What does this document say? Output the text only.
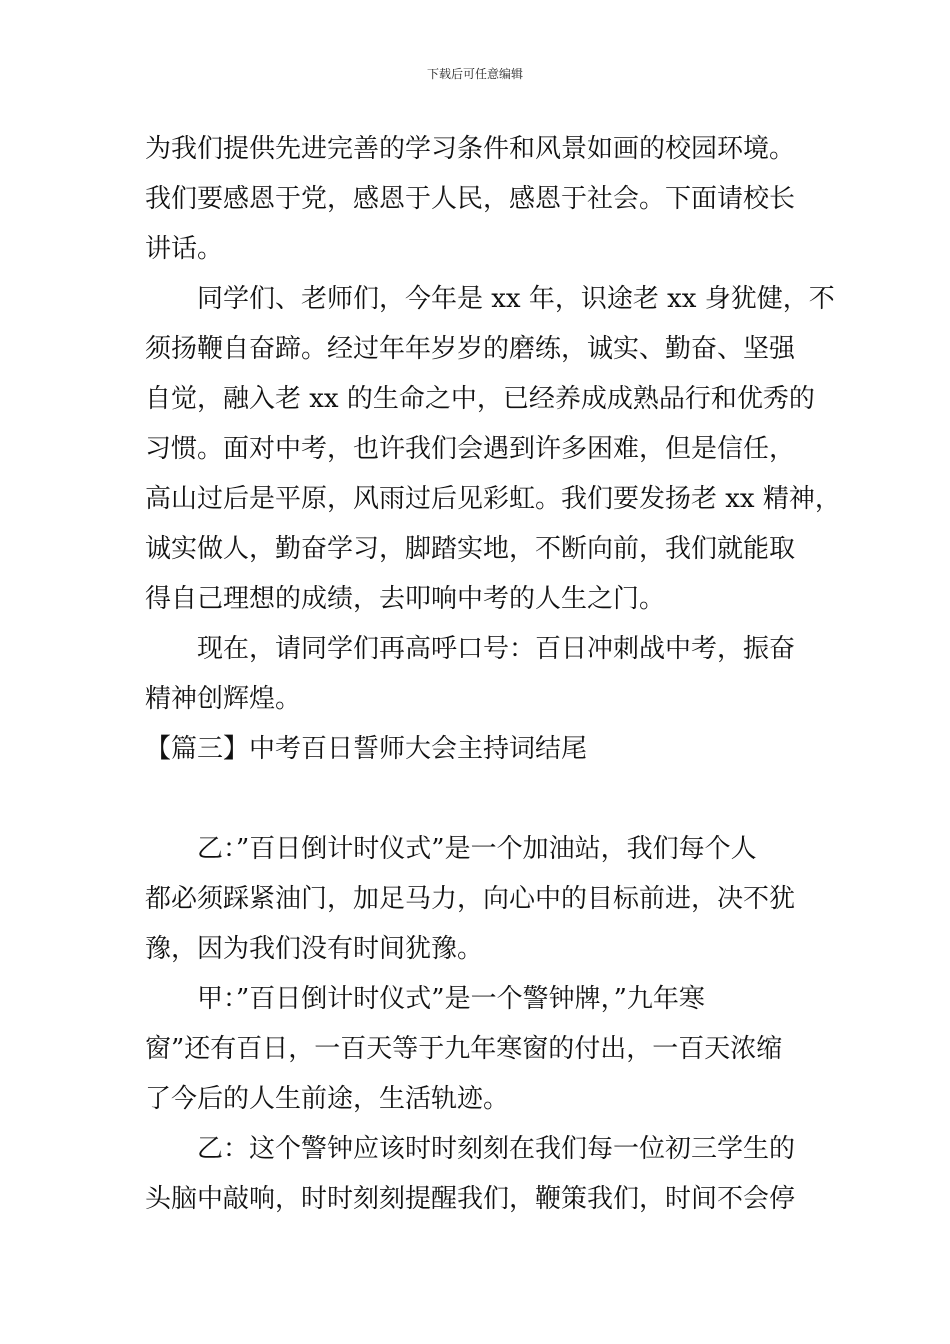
下载后可任意编辑
为我们提供先进完善的学习条件和风景如画的校园环境。
我们要感恩于党，感恩于人民，感恩于社会。下面请校长
讲话。
同学们、老师们，今年是 xx 年，识途老 xx 身犹健，不
须扬鞭自奋蹄。经过年年岁岁的磨练，诚实、勤奋、坚强
自觉，融入老 xx 的生命之中，已经养成成熟品行和优秀的
习惯。面对中考，也许我们会遇到许多困难，但是信任，
高山过后是平原，风雨过后见彩虹。我们要发扬老 xx 精神，
诚实做人，勤奋学习，脚踏实地，不断向前，我们就能取
得自己理想的成绩，去叩响中考的人生之门。
现在，请同学们再高呼口号：百日冲刺战中考，振奋
精神创辉煌。
【篇三】中考百日誓师大会主持词结尾
乙：”百日倒计时仪式”是一个加油站，我们每个人
都必须踩紧油门，加足马力，向心中的目标前进，决不犹
豫，因为我们没有时间犹豫。
甲：”百日倒计时仪式”是一个警钟牌，”九年寒
窗”还有百日，一百天等于九年寒窗的付出，一百天浓缩
了今后的人生前途，生活轨迹。
乙：这个警钟应该时时刻刻在我们每一位初三学生的
头脑中敲响，时时刻刻提醒我们，鞭策我们，时间不会停
